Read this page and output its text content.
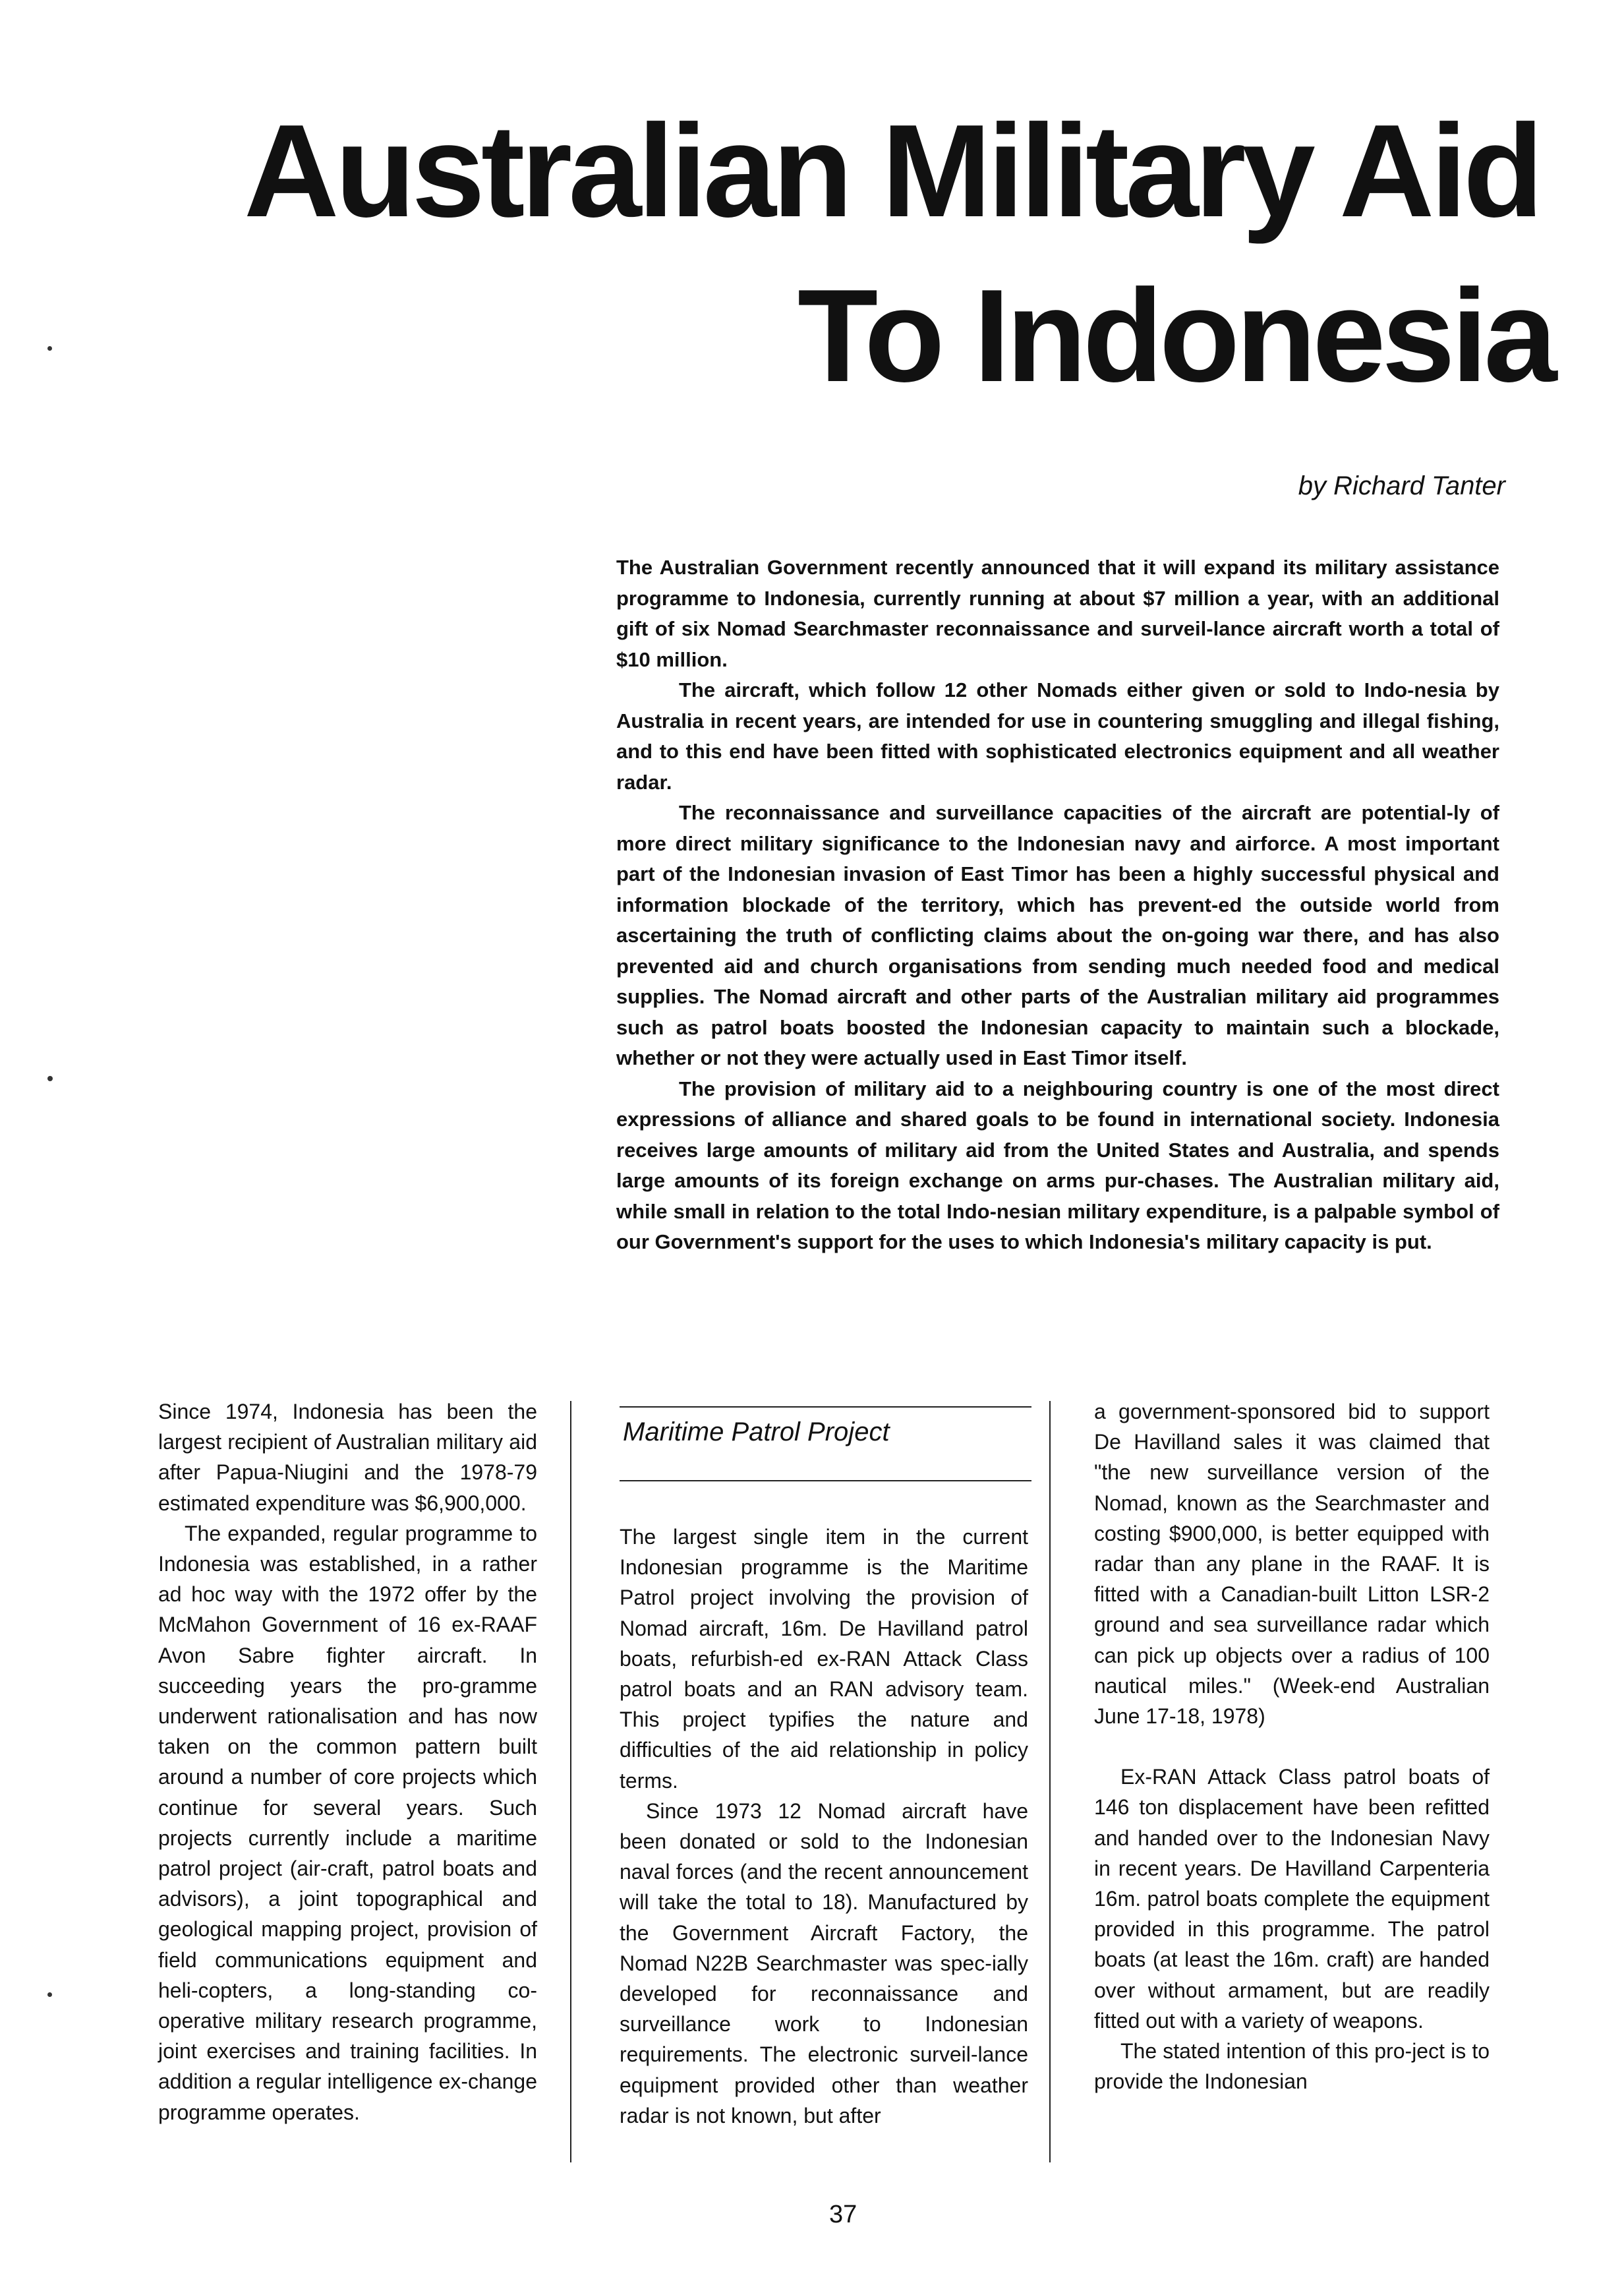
Australian Military Aid
To Indonesia
by Richard Tanter

The Australian Government recently announced that it will expand its military assistance programme to Indonesia, currently running at about $7 million a year, with an additional gift of six Nomad Searchmaster reconnaissance and surveil-lance aircraft worth a total of $10 million.

The aircraft, which follow 12 other Nomads either given or sold to Indo-nesia by Australia in recent years, are intended for use in countering smuggling and illegal fishing, and to this end have been fitted with sophisticated electronics equipment and all weather radar.

The reconnaissance and surveillance capacities of the aircraft are potential-ly of more direct military significance to the Indonesian navy and airforce. A most important part of the Indonesian invasion of East Timor has been a highly successful physical and information blockade of the territory, which has prevent-ed the outside world from ascertaining the truth of conflicting claims about the on-going war there, and has also prevented aid and church organisations from sending much needed food and medical supplies. The Nomad aircraft and other parts of the Australian military aid programmes such as patrol boats boosted the Indonesian capacity to maintain such a blockade, whether or not they were actually used in East Timor itself.

The provision of military aid to a neighbouring country is one of the most direct expressions of alliance and shared goals to be found in international society. Indonesia receives large amounts of military aid from the United States and Australia, and spends large amounts of its foreign exchange on arms pur-chases. The Australian military aid, while small in relation to the total Indo-nesian military expenditure, is a palpable symbol of our Government's support for the uses to which Indonesia's military capacity is put.

Since 1974, Indonesia has been the largest recipient of Australian military aid after Papua-Niugini and the 1978-79 estimated expenditure was $6,900,000.

The expanded, regular programme to Indonesia was established, in a rather ad hoc way with the 1972 offer by the McMahon Government of 16 ex-RAAF Avon Sabre fighter aircraft. In succeeding years the pro-gramme underwent rationalisation and has now taken on the common pattern built around a number of core projects which continue for several years. Such projects currently include a maritime patrol project (air-craft, patrol boats and advisors), a joint topographical and geological mapping project, provision of field communications equipment and heli-copters, a long-standing co-operative military research programme, joint exercises and training facilities. In addition a regular intelligence ex-change programme operates.

Maritime Patrol Project

The largest single item in the current Indonesian programme is the Maritime Patrol project involving the provision of Nomad aircraft, 16m. De Havilland patrol boats, refurbish-ed ex-RAN Attack Class patrol boats and an RAN advisory team. This project typifies the nature and difficulties of the aid relationship in policy terms.

Since 1973 12 Nomad aircraft have been donated or sold to the Indonesian naval forces (and the recent announcement will take the total to 18). Manufactured by the Government Aircraft Factory, the Nomad N22B Searchmaster was spec-ially developed for reconnaissance and surveillance work to Indonesian requirements. The electronic surveil-lance equipment provided other than weather radar is not known, but after

a government-sponsored bid to support De Havilland sales it was claimed that "the new surveillance version of the Nomad, known as the Searchmaster and costing $900,000, is better equipped with radar than any plane in the RAAF. It is fitted with a Canadian-built Litton LSR-2 ground and sea surveillance radar which can pick up objects over a radius of 100 nautical miles." (Week-end Australian June 17-18, 1978)

Ex-RAN Attack Class patrol boats of 146 ton displacement have been refitted and handed over to the Indonesian Navy in recent years. De Havilland Carpenteria 16m. patrol boats complete the equipment provided in this programme. The patrol boats (at least the 16m. craft) are handed over without armament, but are readily fitted out with a variety of weapons.

The stated intention of this pro-ject is to provide the Indonesian

37
